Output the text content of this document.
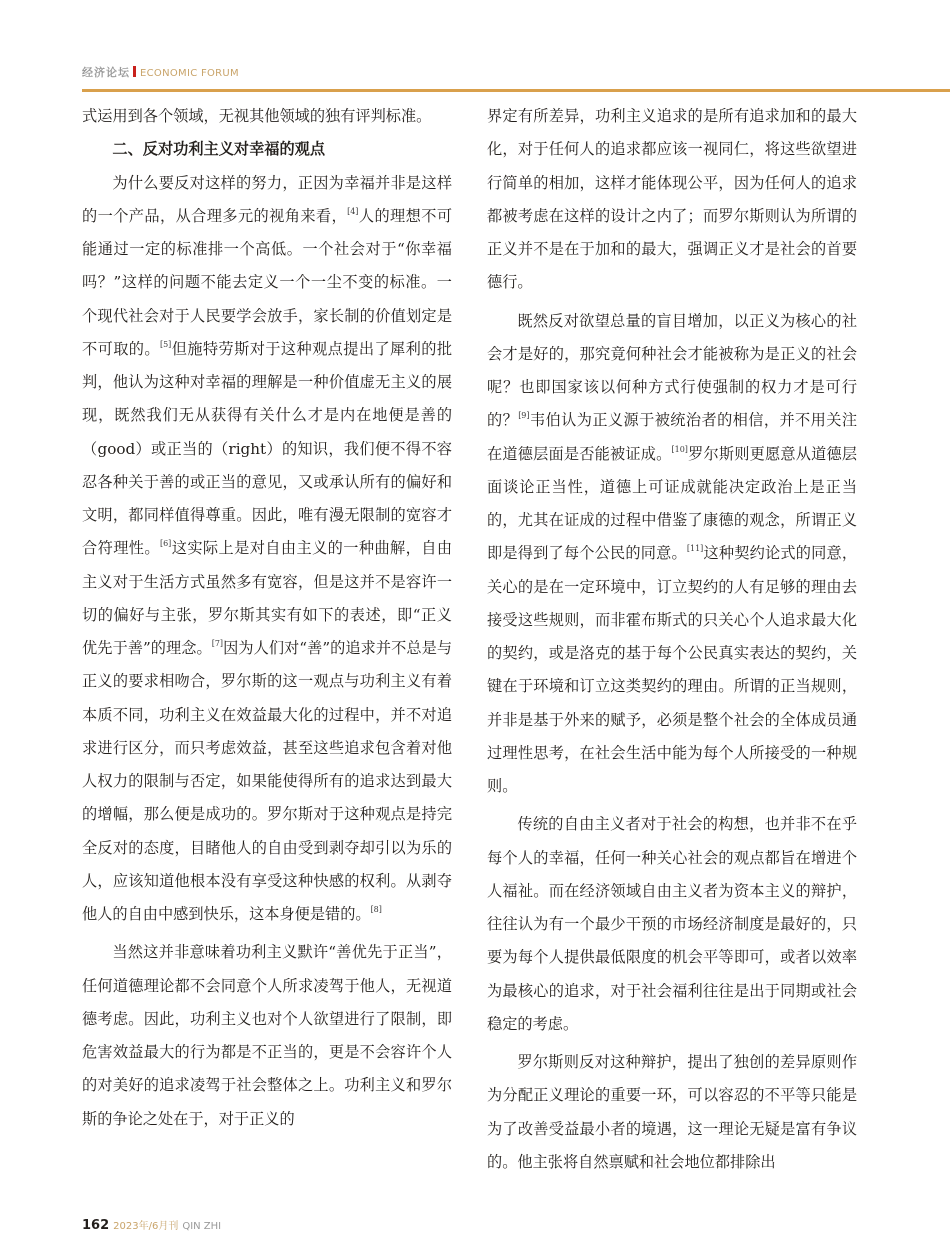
经济论坛 ECONOMIC FORUM

式运用到各个领域，无视其他领域的独有评判标准。

二、反对功利主义对幸福的观点

为什么要反对这样的努力，正因为幸福并非是这样的一个产品，从合理多元的视角来看，[4]人的理想不可能通过一定的标准排一个高低。一个社会对于“你幸福吗？”这样的问题不能去定义一个一尘不变的标准。一个现代社会对于人民要学会放手，家长制的价值划定是不可取的。[5]但施特劳斯对于这种观点提出了犀利的批判，他认为这种对幸福的理解是一种价值虚无主义的展现，既然我们无从获得有关什么才是内在地便是善的（good）或正当的（right）的知识，我们便不得不容忍各种关于善的或正当的意见，又或承认所有的偏好和文明，都同样值得尊重。因此，唯有漫无限制的宽容才合符理性。[6]这实际上是对自由主义的一种曲解，自由主义对于生活方式虽然多有宽容，但是这并不是容许一切的偏好与主张，罗尔斯其实有如下的表述，即“正义优先于善”的理念。[7]因为人们对“善”的追求并不总是与正义的要求相吻合，罗尔斯的这一观点与功利主义有着本质不同，功利主义在效益最大化的过程中，并不对追求进行区分，而只考虑效益，甚至这些追求包含着对他人权力的限制与否定，如果能使得所有的追求达到最大的增幅，那么便是成功的。罗尔斯对于这种观点是持完全反对的态度，目睹他人的自由受到剥夺却引以为乐的人，应该知道他根本没有享受这种快感的权利。从剥夺他人的自由中感到快乐，这本身便是错的。[8]

当然这并非意味着功利主义默许“善优先于正当”，任何道德理论都不会同意个人所求凌驾于他人，无视道德考虑。因此，功利主义也对个人欲望进行了限制，即危害效益最大的行为都是不正当的，更是不会容许个人的对美好的追求凌驾于社会整体之上。功利主义和罗尔斯的争论之处在于，对于正义的

界定有所差异，功利主义追求的是所有追求加和的最大化，对于任何人的追求都应该一视同仁，将这些欲望进行简单的相加，这样才能体现公平，因为任何人的追求都被考虑在这样的设计之内了；而罗尔斯则认为所谓的正义并不是在于加和的最大，强调正义才是社会的首要德行。

既然反对欲望总量的盲目增加，以正义为核心的社会才是好的，那究竟何种社会才能被称为是正义的社会呢？也即国家该以何种方式行使强制的权力才是可行的？[9]韦伯认为正义源于被统治者的相信，并不用关注在道德层面是否能被证成。[10]罗尔斯则更愿意从道德层面谈论正当性，道德上可证成就能决定政治上是正当的，尤其在证成的过程中借鉴了康德的观念，所谓正义即是得到了每个公民的同意。[11]这种契约论式的同意，关心的是在一定环境中，订立契约的人有足够的理由去接受这些规则，而非霍布斯式的只关心个人追求最大化的契约，或是洛克的基于每个公民真实表达的契约，关键在于环境和订立这类契约的理由。所谓的正当规则，并非是基于外来的赋予，必须是整个社会的全体成员通过理性思考，在社会生活中能为每个人所接受的一种规则。

传统的自由主义者对于社会的构想，也并非不在乎每个人的幸福，任何一种关心社会的观点都旨在增进个人福祉。而在经济领域自由主义者为资本主义的辩护，往往认为有一个最少干预的市场经济制度是最好的，只要为每个人提供最低限度的机会平等即可，或者以效率为最核心的追求，对于社会福利往往是出于同期或社会稳定的考虑。

罗尔斯则反对这种辩护，提出了独创的差异原则作为分配正义理论的重要一环，可以容忍的不平等只能是为了改善受益最小者的境遇，这一理论无疑是富有争议的。他主张将自然禀赋和社会地位都排除出

162 2023年/6月刊 QIN ZHI
